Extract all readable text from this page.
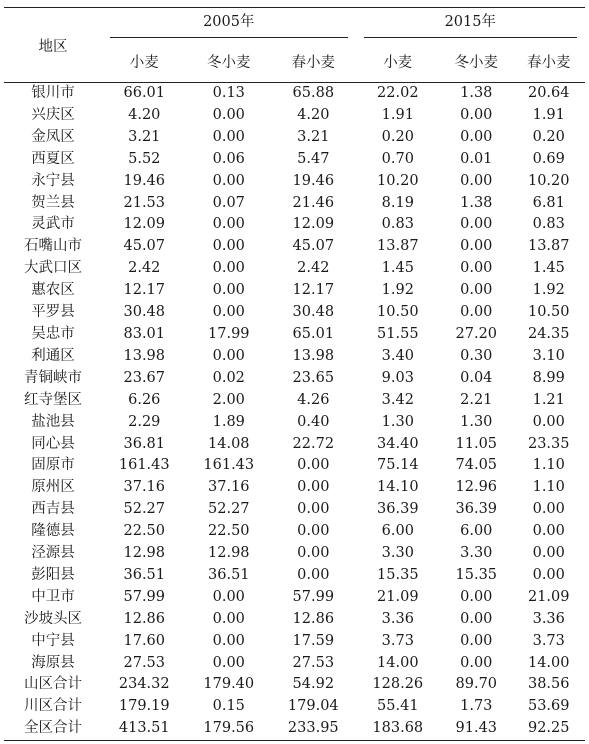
地区	2005年			2015年		

	小麦	冬小麦	春小麦	小麦	冬小麦	春小麦
银川市	66.01	0.13	65.88	22.02	1.38	20.64
兴庆区	4.20	0.00	4.20	1.91	0.00	1.91
金凤区	3.21	0.00	3.21	0.20	0.00	0.20
西夏区	5.52	0.06	5.47	0.70	0.01	0.69
永宁县	19.46	0.00	19.46	10.20	0.00	10.20
贺兰县	21.53	0.07	21.46	8.19	1.38	6.81
灵武市	12.09	0.00	12.09	0.83	0.00	0.83
石嘴山市	45.07	0.00	45.07	13.87	0.00	13.87
大武口区	2.42	0.00	2.42	1.45	0.00	1.45
惠农区	12.17	0.00	12.17	1.92	0.00	1.92
平罗县	30.48	0.00	30.48	10.50	0.00	10.50
吴忠市	83.01	17.99	65.01	51.55	27.20	24.35
利通区	13.98	0.00	13.98	3.40	0.30	3.10
青铜峡市	23.67	0.02	23.65	9.03	0.04	8.99
红寺堡区	6.26	2.00	4.26	3.42	2.21	1.21
盐池县	2.29	1.89	0.40	1.30	1.30	0.00
同心县	36.81	14.08	22.72	34.40	11.05	23.35
固原市	161.43	161.43	0.00	75.14	74.05	1.10
原州区	37.16	37.16	0.00	14.10	12.96	1.10
西吉县	52.27	52.27	0.00	36.39	36.39	0.00
隆德县	22.50	22.50	0.00	6.00	6.00	0.00
泾源县	12.98	12.98	0.00	3.30	3.30	0.00
彭阳县	36.51	36.51	0.00	15.35	15.35	0.00
中卫市	57.99	0.00	57.99	21.09	0.00	21.09
沙坡头区	12.86	0.00	12.86	3.36	0.00	3.36
中宁县	17.60	0.00	17.59	3.73	0.00	3.73
海原县	27.53	0.00	27.53	14.00	0.00	14.00
山区合计	234.32	179.40	54.92	128.26	89.70	38.56
川区合计	179.19	0.15	179.04	55.41	1.73	53.69
全区合计	413.51	179.56	233.95	183.68	91.43	92.25
